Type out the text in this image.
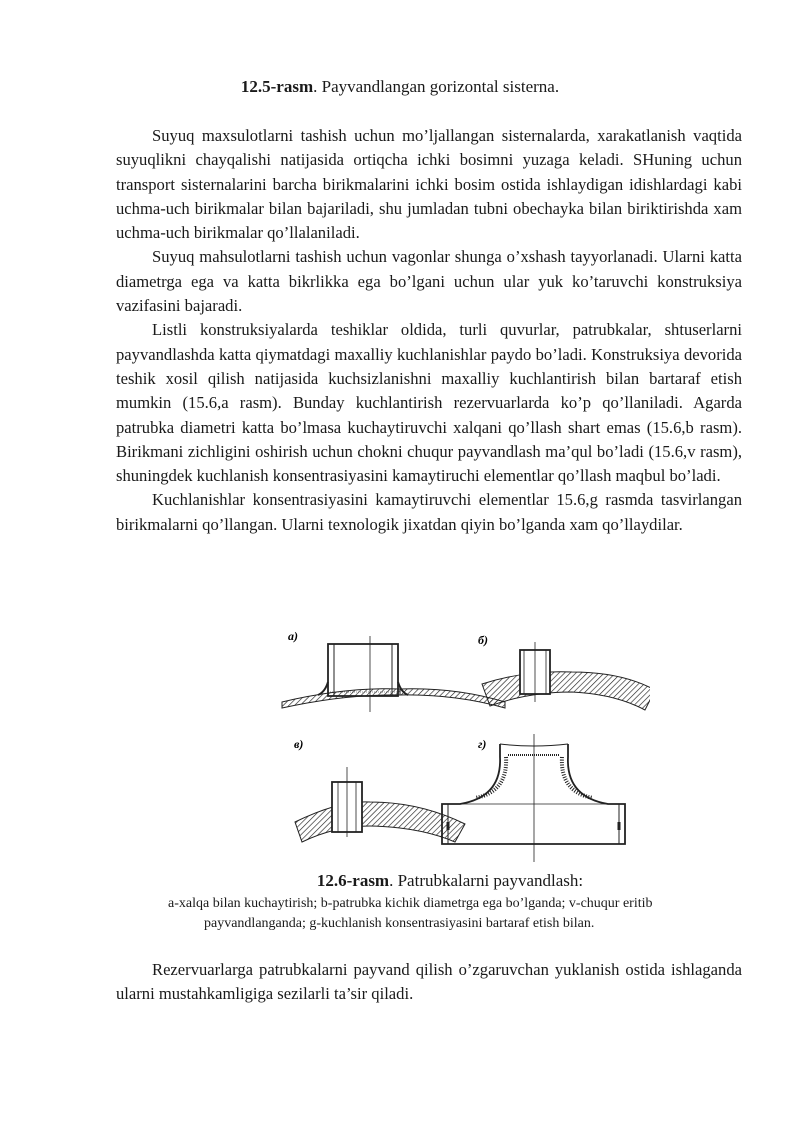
12.5-rasm. Payvandlangan gorizontal sisterna.

Suyuq maxsulotlarni tashish uchun mo’ljallangan sisternalarda, xarakatlanish vaqtida suyuqlikni chayqalishi natijasida ortiqcha ichki bosimni yuzaga keladi. SHuning uchun transport sisternalarini barcha birikmalarini ichki bosim ostida ishlaydigan idishlardagi kabi uchma-uch birikmalar bilan bajariladi, shu jumladan tubni obechayka bilan biriktirishda xam uchma-uch birikmalar qo’llalaniladi.

Suyuq mahsulotlarni tashish uchun vagonlar shunga o’xshash tayyorlanadi. Ularni katta diametrga ega va katta bikrlikka ega bo’lgani uchun ular yuk ko’taruvchi konstruksiya vazifasini bajaradi.

Listli konstruksiyalarda teshiklar oldida, turli quvurlar, patrubkalar, shtuserlarni payvandlashda katta qiymatdagi maxalliy kuchlanishlar paydo bo’ladi. Konstruksiya devorida teshik xosil qilish natijasida kuchsizlanishni maxalliy kuchlantirish bilan bartaraf etish mumkin (15.6,a rasm). Bunday kuchlantirish rezervuarlarda ko’p qo’llaniladi. Agarda patrubka diametri katta bo’lmasa kuchaytiruvchi xalqani qo’llash shart emas (15.6,b rasm). Birikmani zichligini oshirish uchun chokni chuqur payvandlash ma’qul bo’ladi (15.6,v rasm), shuningdek kuchlanish konsentrasiyasini kamaytiruchi elementlar qo’llash maqbul bo’ladi.

Kuchlanishlar konsentrasiyasini kamaytiruvchi elementlar 15.6,g rasmda tasvirlangan birikmalarni qo’llangan. Ularni texnologik jixatdan qiyin bo’lganda xam qo’llaydilar.

a)	б)
в)	г)
12.6-rasm. Patrubkalarni payvandlash:
a-xalqa bilan kuchaytirish; b-patrubka kichik diametrga ega bo’lganda; v-chuqur eritib
payvandlanganda; g-kuchlanish konsentrasiyasini bartaraf etish bilan.

Rezervuarlarga patrubkalarni payvand qilish o’zgaruvchan yuklanish ostida ishlaganda ularni mustahkamligiga sezilarli ta’sir qiladi.
